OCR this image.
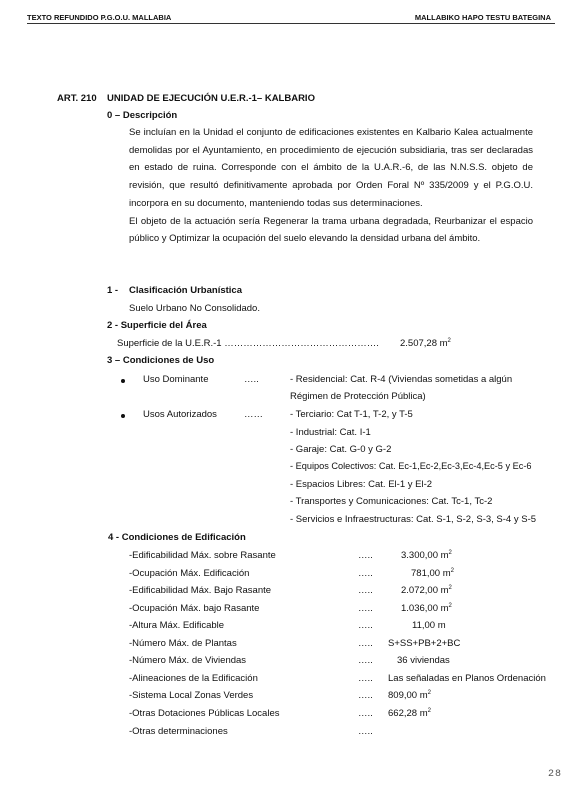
TEXTO REFUNDIDO P.G.O.U. MALLABIA	MALLABIKO HAPO TESTU BATEGINA
ART. 210 UNIDAD DE EJECUCIÓN U.E.R.-1– KALBARIO
0 – Descripción

Se incluían en la Unidad el conjunto de edificaciones existentes en Kalbario Kalea actualmente demolidas por el Ayuntamiento, en procedimiento de ejecución subsidiaria, tras ser declaradas en estado de ruina. Corresponde con el ámbito de la U.A.R.-6, de las N.N.S.S. objeto de revisión, que resultó definitivamente aprobada por Orden Foral Nº 335/2009 y el P.G.O.U. incorpora en su documento, manteniendo todas sus determinaciones.

El objeto de la actuación sería Regenerar la trama urbana degradada, Reurbanizar el espacio público y Optimizar la ocupación del suelo elevando la densidad urbana del ámbito.

1 - Clasificación Urbanística
Suelo Urbano No Consolidado.
2 - Superficie del Área
Superficie de la U.E.R.-1 …………………………………………. 2.507,28 $m^2$
3 – Condiciones de Uso
Uso Dominante	…..	- Residencial: Cat. R-4 (Viviendas sometidas a algún
Régimen de Protección Pública)
Usos Autorizados	……	- Terciario: Cat T-1, T-2, y T-5
- Industrial: Cat. I-1
- Garaje: Cat. G-0 y G-2
- Equipos Colectivos: Cat. Ec-1,Ec-2,Ec-3,Ec-4,Ec-5 y Ec-6
- Espacios Libres: Cat. El-1 y El-2
- Transportes y Comunicaciones: Cat. Tc-1, Tc-2
- Servicios e Infraestructuras: Cat. S-1, S-2, S-3, S-4 y S-5
4 - Condiciones de Edificación
-Edificabilidad Máx. sobre Rasante	…..	3.300,00 $m^2$
-Ocupación Máx. Edificación	…..	781,00 $m^2$
-Edificabilidad Máx. Bajo Rasante	…..	2.072,00 $m^2$
-Ocupación Máx. bajo Rasante	…..	1.036,00 $m^2$
-Altura Máx. Edificable	…..	11,00 m
-Número Máx. de Plantas	….. S+SS+PB+2+BC
-Número Máx. de Viviendas	…..	36 viviendas
-Alineaciones de la Edificación	….. Las señaladas en Planos Ordenación
-Sistema Local Zonas Verdes	….. 809,00 $m^2$
-Otras Dotaciones Públicas Locales	….. 662,28 $m^2$
-Otras determinaciones	…..
28
